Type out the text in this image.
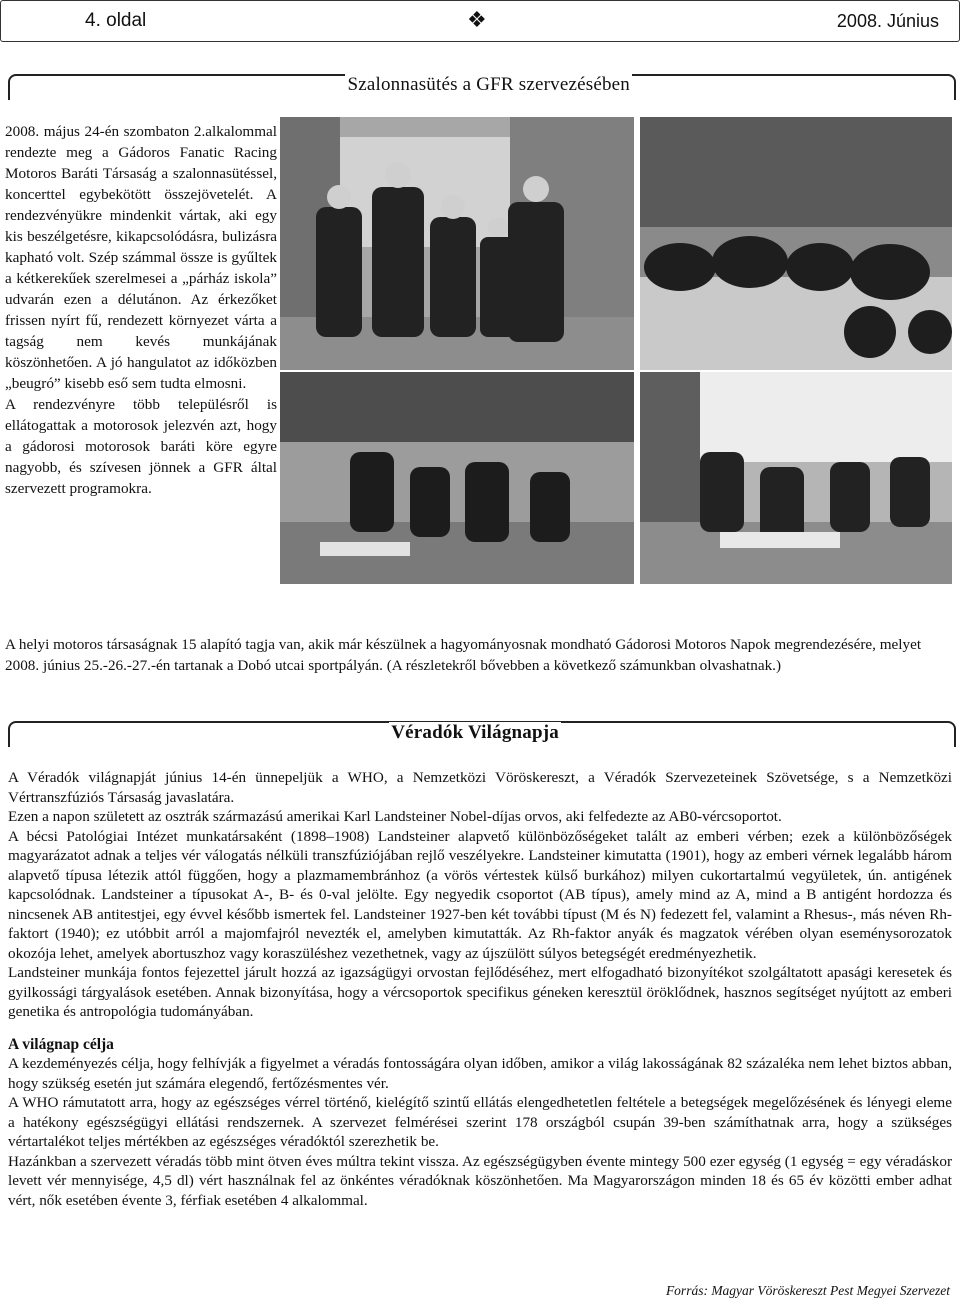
4. oldal	❖	2008. Június
Szalonnasütés a GFR szervezésében

2008. május 24-én szombaton 2.alkalommal rendezte meg a Gádoros Fanatic Racing Motoros Baráti Társaság a szalonnasütéssel, koncerttel egybekötött összejövetelét. A rendezvényükre mindenkit vártak, aki egy kis beszélgetésre, kikapcsolódásra, bulizásra kapható volt. Szép számmal össze is gyűltek a kétkerekűek szerelmesei a „párház iskola” udvarán ezen a délutánon. Az érkezőket frissen nyírt fű, rendezett környezet várta a tagság nem kevés munkájának köszönhetően. A jó hangulatot az időközben „beugró” kisebb eső sem tudta elmosni.

A rendezvényre több településről is ellátogattak a motorosok jelezvén azt, hogy a gádorosi motorosok baráti köre egyre nagyobb, és szívesen jönnek a GFR által szervezett programokra.

A helyi motoros társaságnak 15 alapító tagja van, akik már készülnek a hagyományosnak mondható Gádorosi Motoros Napok megrendezésére, melyet 2008. június 25.-26.-27.-én tartanak a Dobó utcai sportpályán. (A részletekről bővebben a következő számunkban olvashatnak.)

Véradók Világnapja

A Véradók világnapját június 14-én ünnepeljük a WHO, a Nemzetközi Vöröskereszt, a Véradók Szervezeteinek Szövetsége, s a Nemzetközi Vértranszfúziós Társaság javaslatára.

Ezen a napon született az osztrák származású amerikai Karl Landsteiner Nobel-díjas orvos, aki felfedezte az AB0-vércsoportot.

A bécsi Patológiai Intézet munkatársaként (1898–1908) Landsteiner alapvető különbözőségeket talált az emberi vérben; ezek a különbözőségek magyarázatot adnak a teljes vér válogatás nélküli transzfúziójában rejlő veszélyekre. Landsteiner kimutatta (1901), hogy az emberi vérnek legalább három alapvető típusa létezik attól függően, hogy a plazmamembránhoz (a vörös vértestek külső burkához) milyen cukortartalmú vegyületek, ún. antigének kapcsolódnak. Landsteiner a típusokat A-, B- és 0-val jelölte. Egy negyedik csoportot (AB típus), amely mind az A, mind a B antigént hordozza és nincsenek AB antitestjei, egy évvel később ismertek fel. Landsteiner 1927-ben két további típust (M és N) fedezett fel, valamint a Rhesus-, más néven Rh-faktort (1940); ez utóbbit arról a majomfajról nevezték el, amelyben kimutatták. Az Rh-faktor anyák és magzatok vérében olyan eseménysorozatok okozója lehet, amelyek abortuszhoz vagy koraszüléshez vezethetnek, vagy az újszülött súlyos betegségét eredményezhetik.

Landsteiner munkája fontos fejezettel járult hozzá az igazságügyi orvostan fejlődéséhez, mert elfogadható bizonyítékot szolgáltatott apasági keresetek és gyilkossági tárgyalások esetében. Annak bizonyítása, hogy a vércsoportok specifikus géneken keresztül öröklődnek, hasznos segítséget nyújtott az emberi genetika és antropológia tudományában.

A világnap célja

A kezdeményezés célja, hogy felhívják a figyelmet a véradás fontosságára olyan időben, amikor a világ lakosságának 82 százaléka nem lehet biztos abban, hogy szükség esetén jut számára elegendő, fertőzésmentes vér.

A WHO rámutatott arra, hogy az egészséges vérrel történő, kielégítő szintű ellátás elengedhetetlen feltétele a betegségek megelőzésének és lényegi eleme a hatékony egészségügyi ellátási rendszernek. A szervezet felmérései szerint 178 országból csupán 39-ben számíthatnak arra, hogy a szükséges vértartalékot teljes mértékben az egészséges véradóktól szerezhetik be.

Hazánkban a szervezett véradás több mint ötven éves múltra tekint vissza. Az egészségügyben évente mintegy 500 ezer egység (1 egység = egy véradáskor levett vér mennyisége, 4,5 dl) vért használnak fel az önkéntes véradóknak köszönhetően. Ma Magyarországon minden 18 és 65 év közötti ember adhat vért, nők esetében évente 3, férfiak esetében 4 alkalommal.

Forrás: Magyar Vöröskereszt Pest Megyei Szervezet
